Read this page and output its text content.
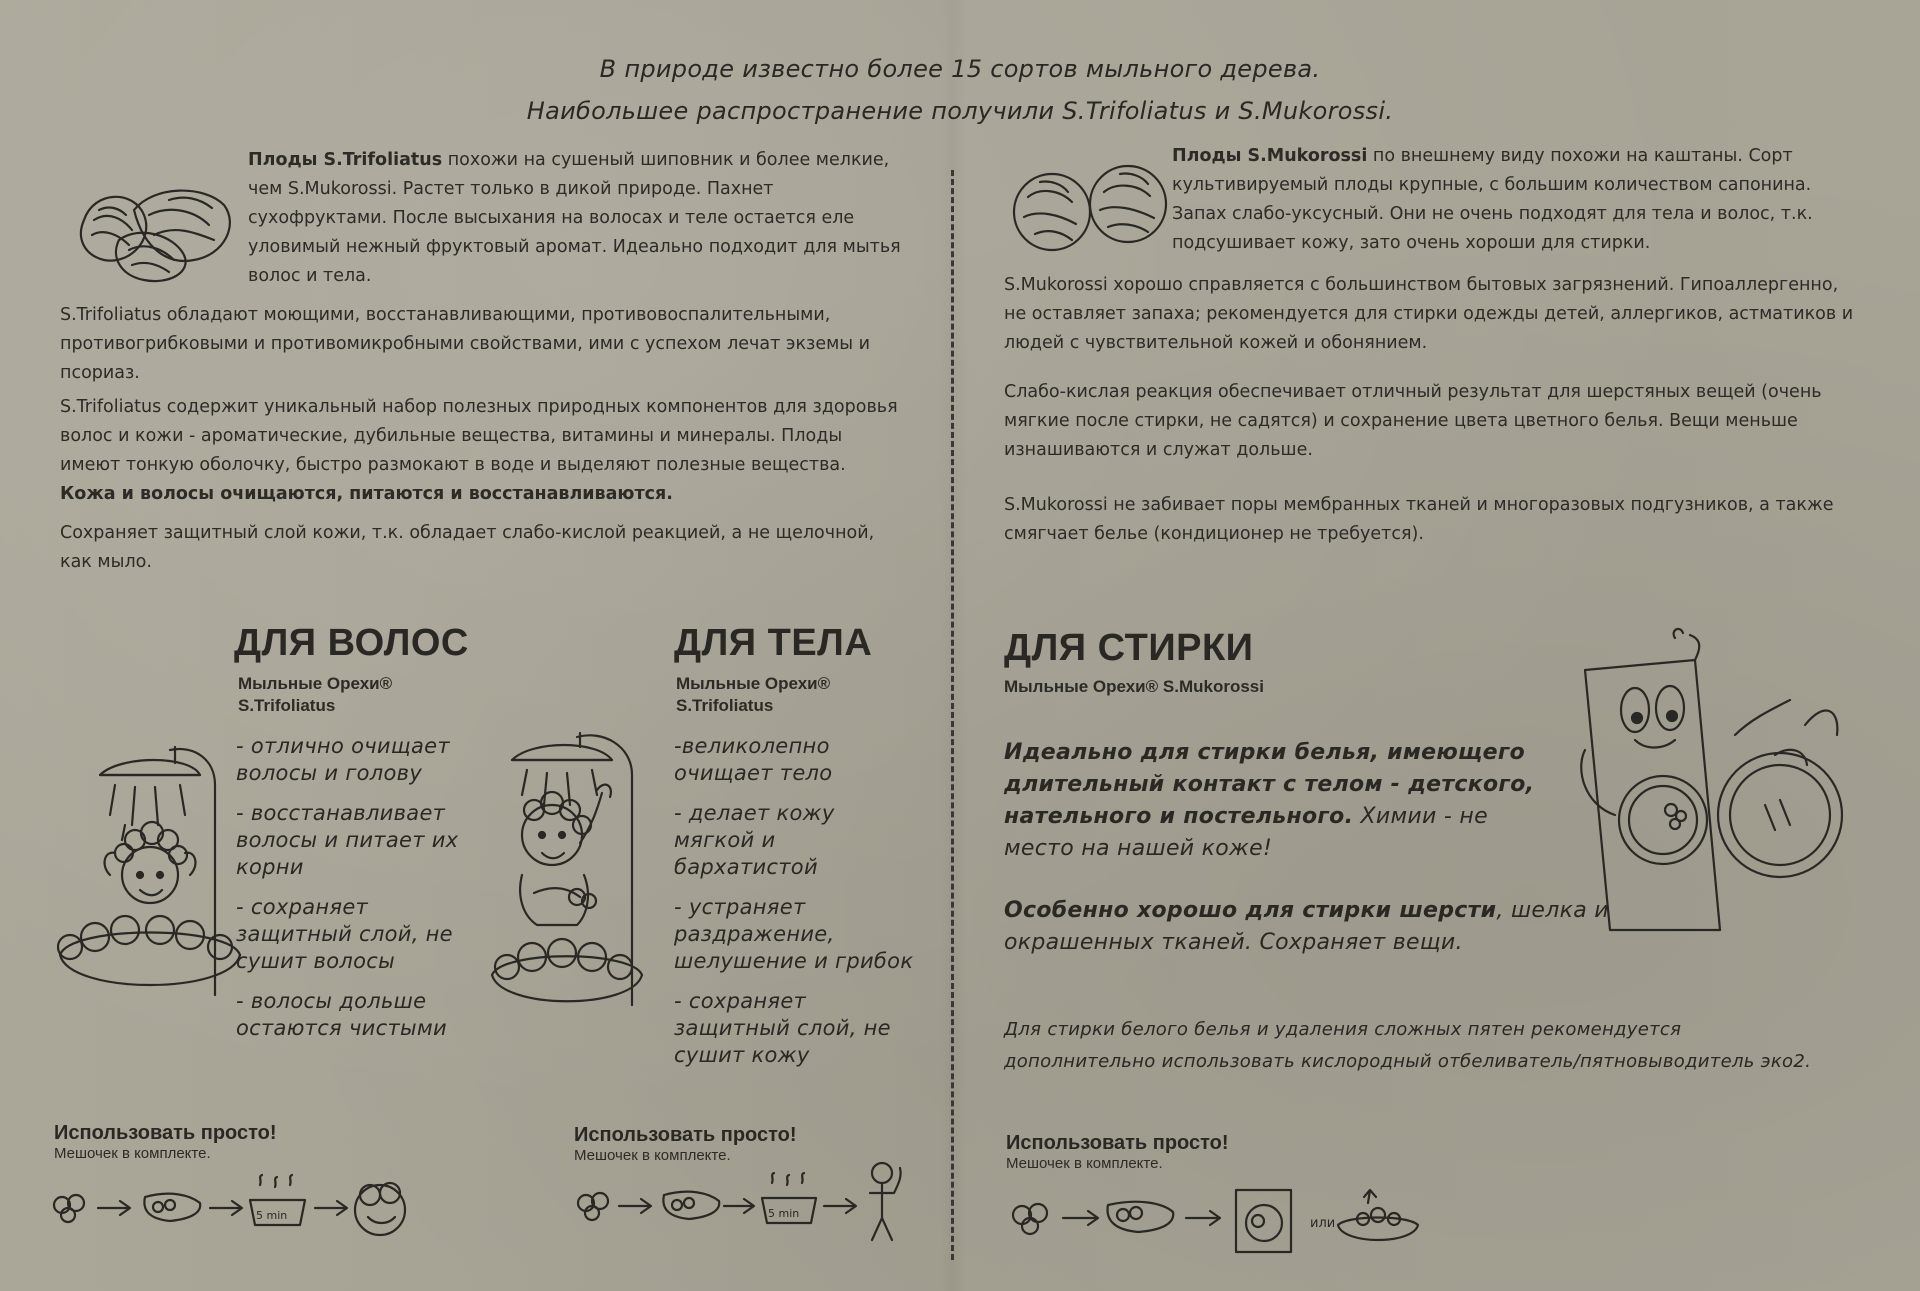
В природе известно более 15 сортов мыльного дерева.
Наибольшее распространение получили S.Trifoliatus и S.Mukorossi.
Плоды S.Trifoliatus похожи на сушеный шиповник и более мелкие,
чем S.Mukorossi. Растет только в дикой природе. Пахнет
сухофруктами. После высыхания на волосах и теле остается еле
уловимый нежный фруктовый аромат. Идеально подходит для мытья
волос и тела.
S.Trifoliatus обладают моющими, восстанавливающими, противовоспалительными,
противогрибковыми и противомикробными свойствами, ими с успехом лечат экземы и
псориаз.
S.Trifoliatus содержит уникальный набор полезных природных компонентов для здоровья
волос и кожи - ароматические, дубильные вещества, витамины и минералы. Плоды
имеют тонкую оболочку, быстро размокают в воде и выделяют полезные вещества.
Кожа и волосы очищаются, питаются и восстанавливаются.
Сохраняет защитный слой кожи, т.к. обладает слабо-кислой реакцией, а не щелочной,
как мыло.
Плоды S.Mukorossi по внешнему виду похожи на каштаны. Сорт
культивируемый плоды крупные, с большим количеством сапонина.
Запах слабо-уксусный. Они не очень подходят для тела и волос, т.к.
подсушивает кожу, зато очень хороши для стирки.
S.Mukorossi хорошо справляется с большинством бытовых загрязнений. Гипоаллергенно,
не оставляет запаха; рекомендуется для стирки одежды детей, аллергиков, астматиков и
людей с чувствительной кожей и обонянием.
Слабо-кислая реакция обеспечивает отличный результат для шерстяных вещей (очень
мягкие после стирки, не садятся) и сохранение цвета цветного белья. Вещи меньше
изнашиваются и служат дольше.
S.Mukorossi не забивает поры мембранных тканей и многоразовых подгузников, а также
смягчает белье (кондиционер не требуется).
ДЛЯ ВОЛОС
Мыльные Орехи®
S.Trifoliatus
- отлично очищает
волосы и голову
- восстанавливает
волосы и питает их
корни
- сохраняет
защитный слой, не
сушит волосы
- волосы дольше
остаются чистыми
ДЛЯ ТЕЛА
Мыльные Орехи®
S.Trifoliatus
-великолепно
очищает тело
- делает кожу
мягкой и
бархатистой
- устраняет
раздражение,
шелушение и грибок
- сохраняет
защитный слой, не
сушит кожу
ДЛЯ СТИРКИ
Мыльные Орехи® S.Mukorossi
Идеально для стирки белья, имеющего
длительный контакт с телом - детского,
нательного и постельного. Химии - не
место на нашей коже!
Особенно хорошо для стирки шерсти, шелка и
окрашенных тканей. Сохраняет вещи.
Для стирки белого белья и удаления сложных пятен рекомендуется
дополнительно использовать кислородный отбеливатель/пятновыводитель эко2.
Использовать просто!
Мешочек в комплекте.
5 min
Использовать просто!
Мешочек в комплекте.
5 min
Использовать просто!
Мешочек в комплекте.
или
